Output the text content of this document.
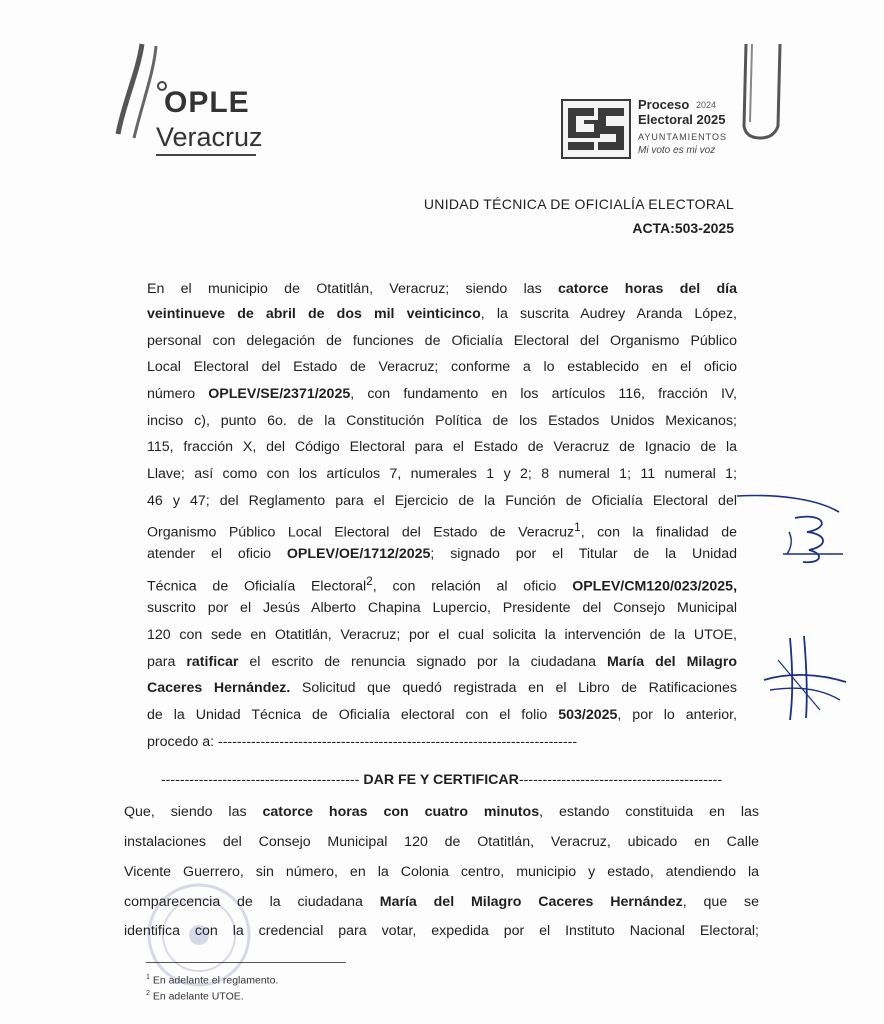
OPLE
Veracruz
Proceso 2024
Electoral 2025
AYUNTAMIENTOS
Mi voto es mi voz
UNIDAD TÉCNICA DE OFICIALÍA ELECTORAL
ACTA:503-2025
En el municipio de Otatitlán, Veracruz; siendo las catorce horas del día
veintinueve de abril de dos mil veinticinco, la suscrita Audrey Aranda López,
personal con delegación de funciones de Oficialía Electoral del Organismo Público
Local Electoral del Estado de Veracruz; conforme a lo establecido en el oficio
número OPLEV/SE/2371/2025, con fundamento en los artículos 116, fracción IV,
inciso c), punto 6o. de la Constitución Política de los Estados Unidos Mexicanos;
115, fracción X, del Código Electoral para el Estado de Veracruz de Ignacio de la
Llave; así como con los artículos 7, numerales 1 y 2; 8 numeral 1; 11 numeral 1;
46 y 47; del Reglamento para el Ejercicio de la Función de Oficialía Electoral del
Organismo Público Local Electoral del Estado de Veracruz$^1$, con la finalidad de
atender el oficio OPLEV/OE/1712/2025; signado por el Titular de la Unidad
Técnica de Oficialía Electoral$^2$, con relación al oficio OPLEV/CM120/023/2025,
suscrito por el Jesús Alberto Chapina Lupercio, Presidente del Consejo Municipal
120 con sede en Otatitlán, Veracruz; por el cual solicita la intervención de la UTOE,
para ratificar el escrito de renuncia signado por la ciudadana María del Milagro
Caceres Hernández. Solicitud que quedó registrada en el Libro de Ratificaciones
de la Unidad Técnica de Oficialía electoral con el folio 503/2025, por lo anterior,
procedo a: ----------------------------------------------------------------------------
------------------------------------------ DAR FE Y CERTIFICAR-------------------------------------------
Que, siendo las catorce horas con cuatro minutos, estando constituida en las
instalaciones del Consejo Municipal 120 de Otatitlán, Veracruz, ubicado en Calle
Vicente Guerrero, sin número, en la Colonia centro, municipio y estado, atendiendo la
comparecencia de la ciudadana María del Milagro Caceres Hernández, que se
identifica con la credencial para votar, expedida por el Instituto Nacional Electoral;
$^1$ En adelante el reglamento.
$^2$ En adelante UTOE.
